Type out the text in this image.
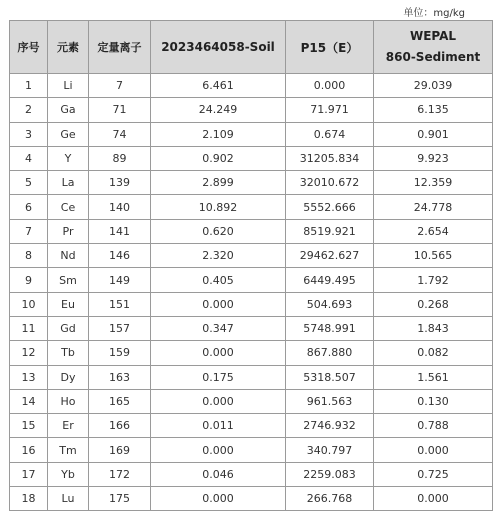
单位：mg/kg
序号	元素	定量离子	2023464058-Soil	P15（E）	WEPAL
860-Sediment

1	Li	7	6.461	0.000	29.039
2	Ga	71	24.249	71.971	6.135
3	Ge	74	2.109	0.674	0.901
4	Y	89	0.902	31205.834	9.923
5	La	139	2.899	32010.672	12.359
6	Ce	140	10.892	5552.666	24.778
7	Pr	141	0.620	8519.921	2.654
8	Nd	146	2.320	29462.627	10.565
9	Sm	149	0.405	6449.495	1.792
10	Eu	151	0.000	504.693	0.268
11	Gd	157	0.347	5748.991	1.843
12	Tb	159	0.000	867.880	0.082
13	Dy	163	0.175	5318.507	1.561
14	Ho	165	0.000	961.563	0.130
15	Er	166	0.011	2746.932	0.788
16	Tm	169	0.000	340.797	0.000
17	Yb	172	0.046	2259.083	0.725
18	Lu	175	0.000	266.768	0.000
